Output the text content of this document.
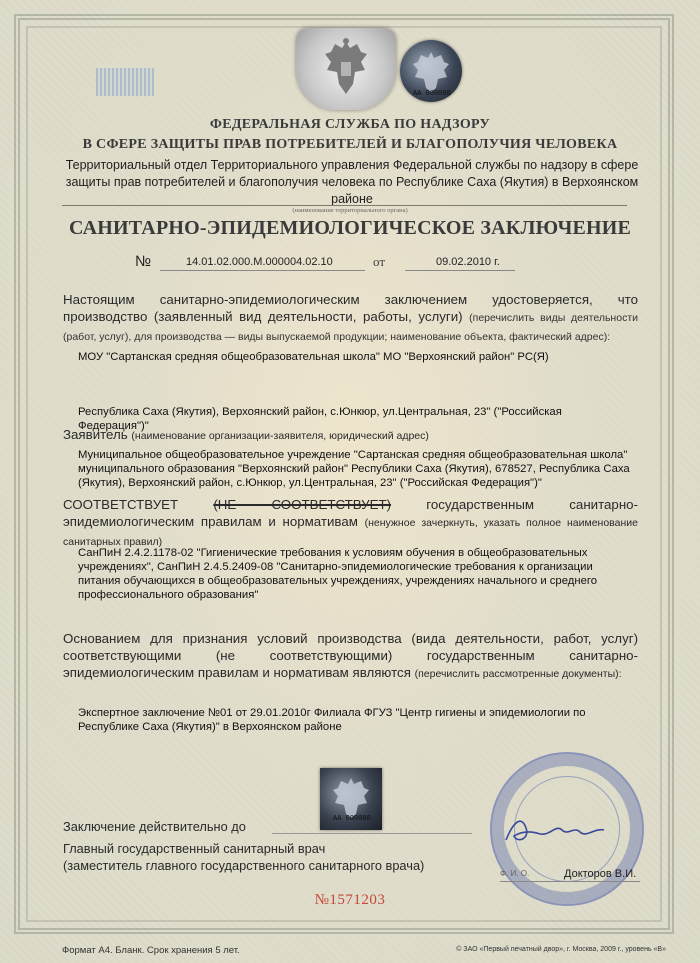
АА 000000
ФЕДЕРАЛЬНАЯ СЛУЖБА ПО НАДЗОРУ
В СФЕРЕ ЗАЩИТЫ ПРАВ ПОТРЕБИТЕЛЕЙ И БЛАГОПОЛУЧИЯ ЧЕЛОВЕКА
Территориальный отдел Территориального управления Федеральной службы по надзору в сфере
защиты прав потребителей и благополучия человека по Республике Саха (Якутия) в Верхоянском районе
(наименование территориального органа)
САНИТАРНО-ЭПИДЕМИОЛОГИЧЕСКОЕ ЗАКЛЮЧЕНИЕ
№	14.01.02.000.М.000004.02.10	от	09.02.2010 г.
Настоящим санитарно-эпидемиологическим заключением удостоверяется, что производство (заявленный вид деятельности, работы, услуги) (перечислить виды деятельности (работ, услуг), для производства — виды выпускаемой продукции; наименование объекта, фактический адрес):
МОУ "Сартанская средняя общеобразовательная школа" МО "Верхоянский район" РС(Я)
Республика Саха (Якутия), Верхоянский район, с.Юнкюр, ул.Центральная, 23" ("Российская
Федерация")"
Заявитель (наименование организации-заявителя, юридический адрес)
Муниципальное общеобразовательное учреждение "Сартанская средняя общеобразовательная школа"
муниципального образования "Верхоянский район" Республики Саха (Якутия), 678527, Республика Саха
(Якутия), Верхоянский район, с.Юнкюр, ул.Центральная, 23" ("Российская Федерация")"
СООТВЕТСТВУЕТ	(НЕ СООТВЕТСТВУЕТ)	государственным санитарно-эпидемиологическим правилам и нормативам (ненужное зачеркнуть, указать полное наименование санитарных правил)
СанПиН 2.4.2.1178-02 "Гигиенические требования к условиям обучения в общеобразовательных
учреждениях", СанПиН 2.4.5.2409-08 "Санитарно-эпидемиологические требования к организации
питания обучающихся в общеобразовательных учреждениях, учреждениях начального и среднего
профессионального образования"
Основанием для признания условий производства (вида деятельности, работ, услуг) соответствующими (не соответствующими) государственным санитарно-эпидемиологическим правилам и нормативам являются (перечислить рассмотренные документы):
Экспертное заключение №01 от 29.01.2010г Филиала ФГУЗ "Центр гигиены и эпидемиологии по
Республике Саха (Якутия)" в Верхоянском районе
АА 000000
Заключение действительно до
Главный государственный санитарный врач
(заместитель главного государственного санитарного врача)
Ф. И. О.	Докторов В.И.
№1571203
Формат А4. Бланк. Срок хранения 5 лет.	© ЗАО «Первый печатный двор», г. Москва, 2009 г., уровень «В»
